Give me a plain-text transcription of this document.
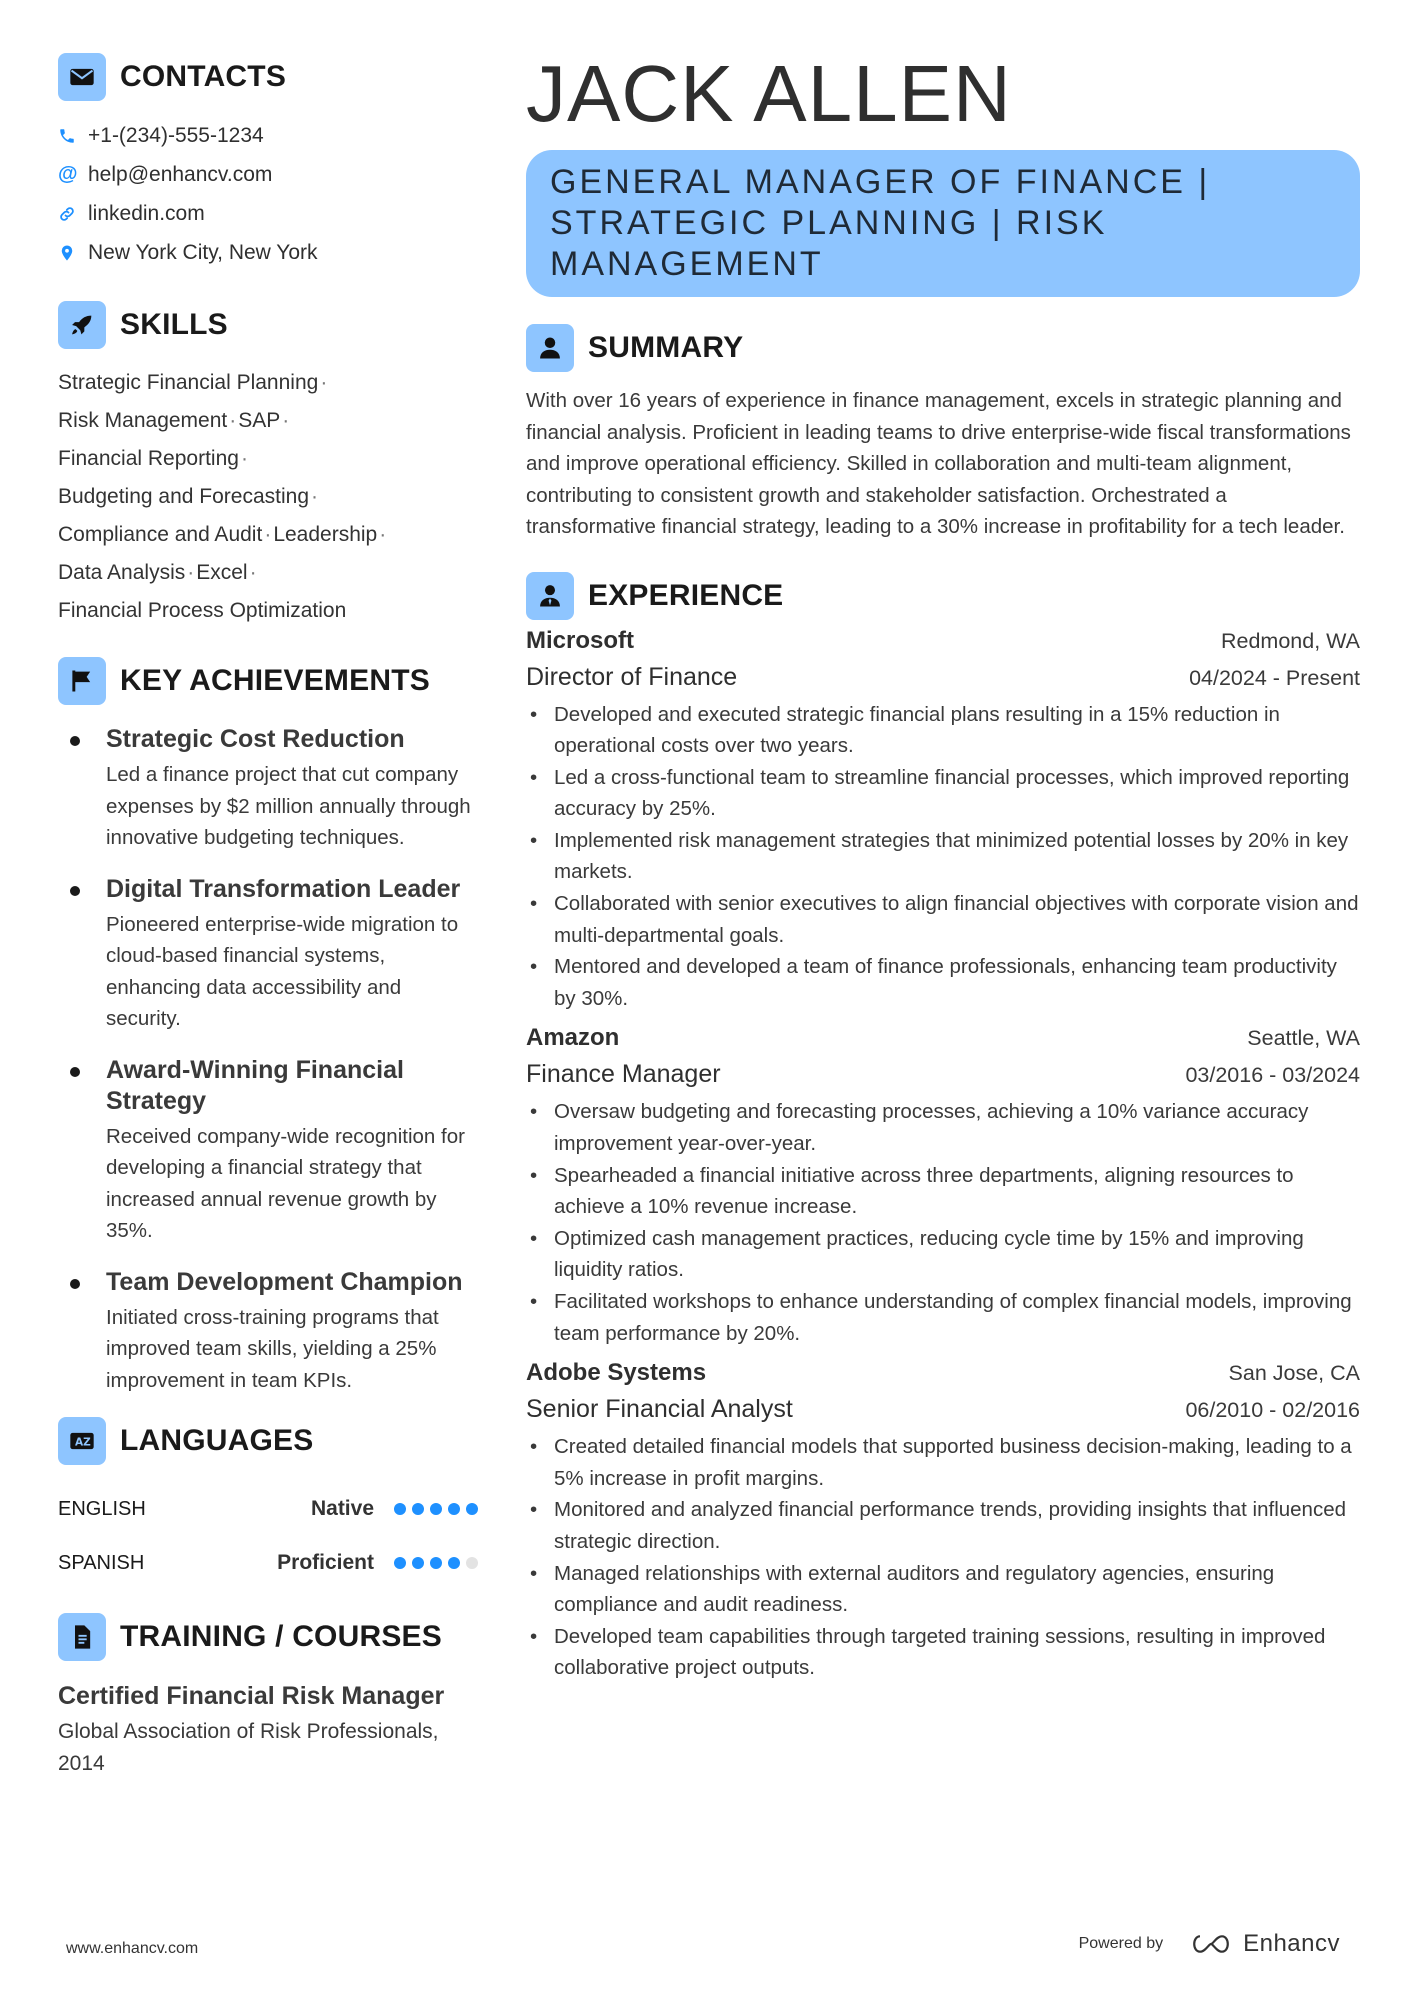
CONTACTS
+1-(234)-555-1234
@ help@enhancv.com
linkedin.com
New York City, New York
SKILLS
Strategic Financial Planning·
Risk Management·SAP·
Financial Reporting·
Budgeting and Forecasting·
Compliance and Audit·Leadership·
Data Analysis·Excel·
Financial Process Optimization
KEY ACHIEVEMENTS
Strategic Cost Reduction
Led a finance project that cut company expenses by $2 million annually through innovative budgeting techniques.
Digital Transformation Leader
Pioneered enterprise-wide migration to cloud-based financial systems, enhancing data accessibility and security.
Award-Winning Financial Strategy
Received company-wide recognition for developing a financial strategy that increased annual revenue growth by 35%.
Team Development Champion
Initiated cross-training programs that improved team skills, yielding a 25% improvement in team KPIs.
A Z LANGUAGES
ENGLISH	Native
SPANISH	Proficient
TRAINING / COURSES
Certified Financial Risk Manager
Global Association of Risk Professionals, 2014
JACK ALLEN
GENERAL MANAGER OF FINANCE |
STRATEGIC PLANNING | RISK
MANAGEMENT
SUMMARY
With over 16 years of experience in finance management, excels in strategic planning and financial analysis. Proficient in leading teams to drive enterprise-wide fiscal transformations and improve operational efficiency. Skilled in collaboration and multi-team alignment, contributing to consistent growth and stakeholder satisfaction. Orchestrated a transformative financial strategy, leading to a 30% increase in profitability for a tech leader.
EXPERIENCE
Microsoft	Redmond, WA
Director of Finance	04/2024 - Present
• Developed and executed strategic financial plans resulting in a 15% reduction in operational costs over two years.
• Led a cross-functional team to streamline financial processes, which improved reporting accuracy by 25%.
• Implemented risk management strategies that minimized potential losses by 20% in key markets.
• Collaborated with senior executives to align financial objectives with corporate vision and multi-departmental goals.
• Mentored and developed a team of finance professionals, enhancing team productivity by 30%.
Amazon	Seattle, WA
Finance Manager	03/2016 - 03/2024
• Oversaw budgeting and forecasting processes, achieving a 10% variance accuracy improvement year-over-year.
• Spearheaded a financial initiative across three departments, aligning resources to achieve a 10% revenue increase.
• Optimized cash management practices, reducing cycle time by 15% and improving liquidity ratios.
• Facilitated workshops to enhance understanding of complex financial models, improving team performance by 20%.
Adobe Systems	San Jose, CA
Senior Financial Analyst	06/2010 - 02/2016
• Created detailed financial models that supported business decision-making, leading to a 5% increase in profit margins.
• Monitored and analyzed financial performance trends, providing insights that influenced strategic direction.
• Managed relationships with external auditors and regulatory agencies, ensuring compliance and audit readiness.
• Developed team capabilities through targeted training sessions, resulting in improved collaborative project outputs.
www.enhancv.com	Powered by	Enhancv
